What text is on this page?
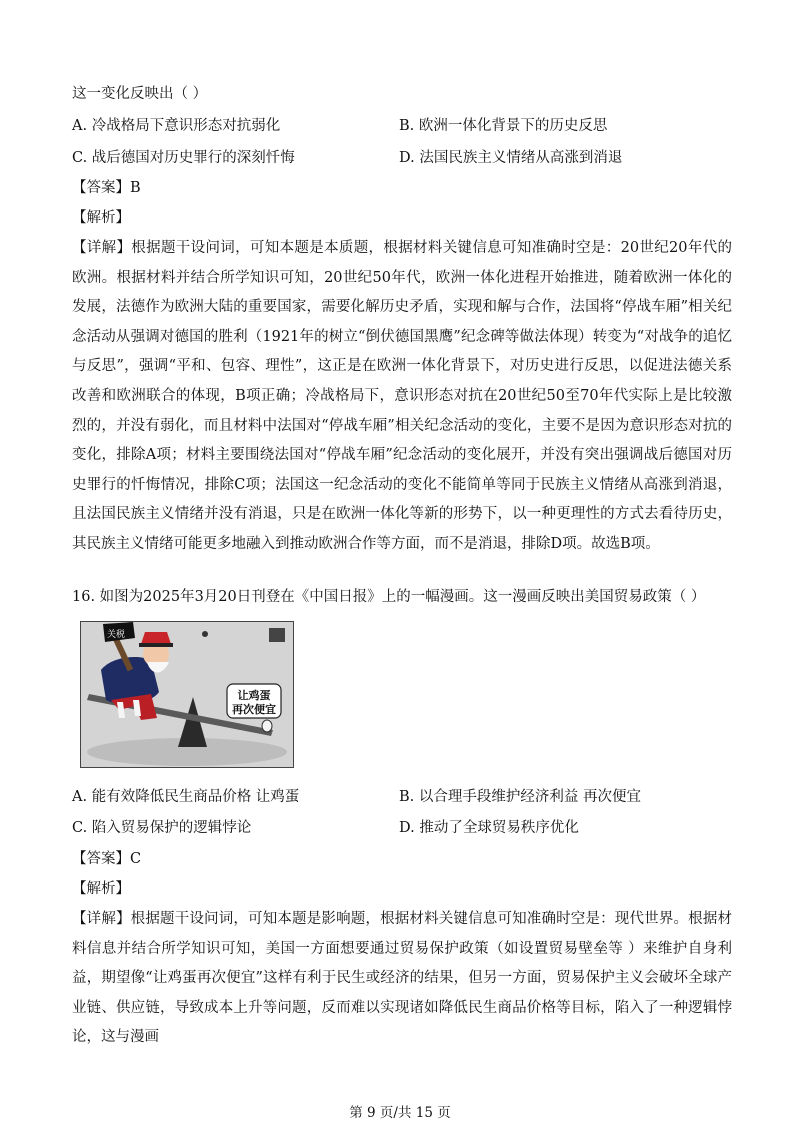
这一变化反映出（ ）
A. 冷战格局下意识形态对抗弱化	B. 欧洲一体化背景下的历史反思
C. 战后德国对历史罪行的深刻忏悔	D. 法国民族主义情绪从高涨到消退
【答案】B
【解析】
【详解】根据题干设问词，可知本题是本质题，根据材料关键信息可知准确时空是：20世纪20年代的欧洲。根据材料并结合所学知识可知，20世纪50年代，欧洲一体化进程开始推进，随着欧洲一体化的发展，法德作为欧洲大陆的重要国家，需要化解历史矛盾，实现和解与合作，法国将“停战车厢”相关纪念活动从强调对德国的胜利（1921年的树立“倒伏德国黑鹰”纪念碑等做法体现）转变为“对战争的追忆与反思”，强调“平和、包容、理性”，这正是在欧洲一体化背景下，对历史进行反思，以促进法德关系改善和欧洲联合的体现，B项正确；冷战格局下，意识形态对抗在20世纪50至70年代实际上是比较激烈的，并没有弱化，而且材料中法国对“停战车厢”相关纪念活动的变化，主要不是因为意识形态对抗的变化，排除A项；材料主要围绕法国对“停战车厢”纪念活动的变化展开，并没有突出强调战后德国对历史罪行的忏悔情况，排除C项；法国这一纪念活动的变化不能简单等同于民族主义情绪从高涨到消退，且法国民族主义情绪并没有消退，只是在欧洲一体化等新的形势下，以一种更理性的方式去看待历史，其民族主义情绪可能更多地融入到推动欧洲合作等方面，而不是消退，排除D项。故选B项。
16. 如图为2025年3月20日刊登在《中国日报》上的一幅漫画。这一漫画反映出美国贸易政策（ ）
关税
让鸡蛋
再次便宜
A. 能有效降低民生商品价格 让鸡蛋	B. 以合理手段维护经济利益 再次便宜
C. 陷入贸易保护的逻辑悖论	D. 推动了全球贸易秩序优化
【答案】C
【解析】
【详解】根据题干设问词，可知本题是影响题，根据材料关键信息可知准确时空是：现代世界。根据材料信息并结合所学知识可知，美国一方面想要通过贸易保护政策（如设置贸易壁垒等 ）来维护自身利益，期望像“让鸡蛋再次便宜”这样有利于民生或经济的结果，但另一方面，贸易保护主义会破坏全球产业链、供应链，导致成本上升等问题，反而难以实现诸如降低民生商品价格等目标，陷入了一种逻辑悖论，这与漫画
第 9 页/共 15 页
